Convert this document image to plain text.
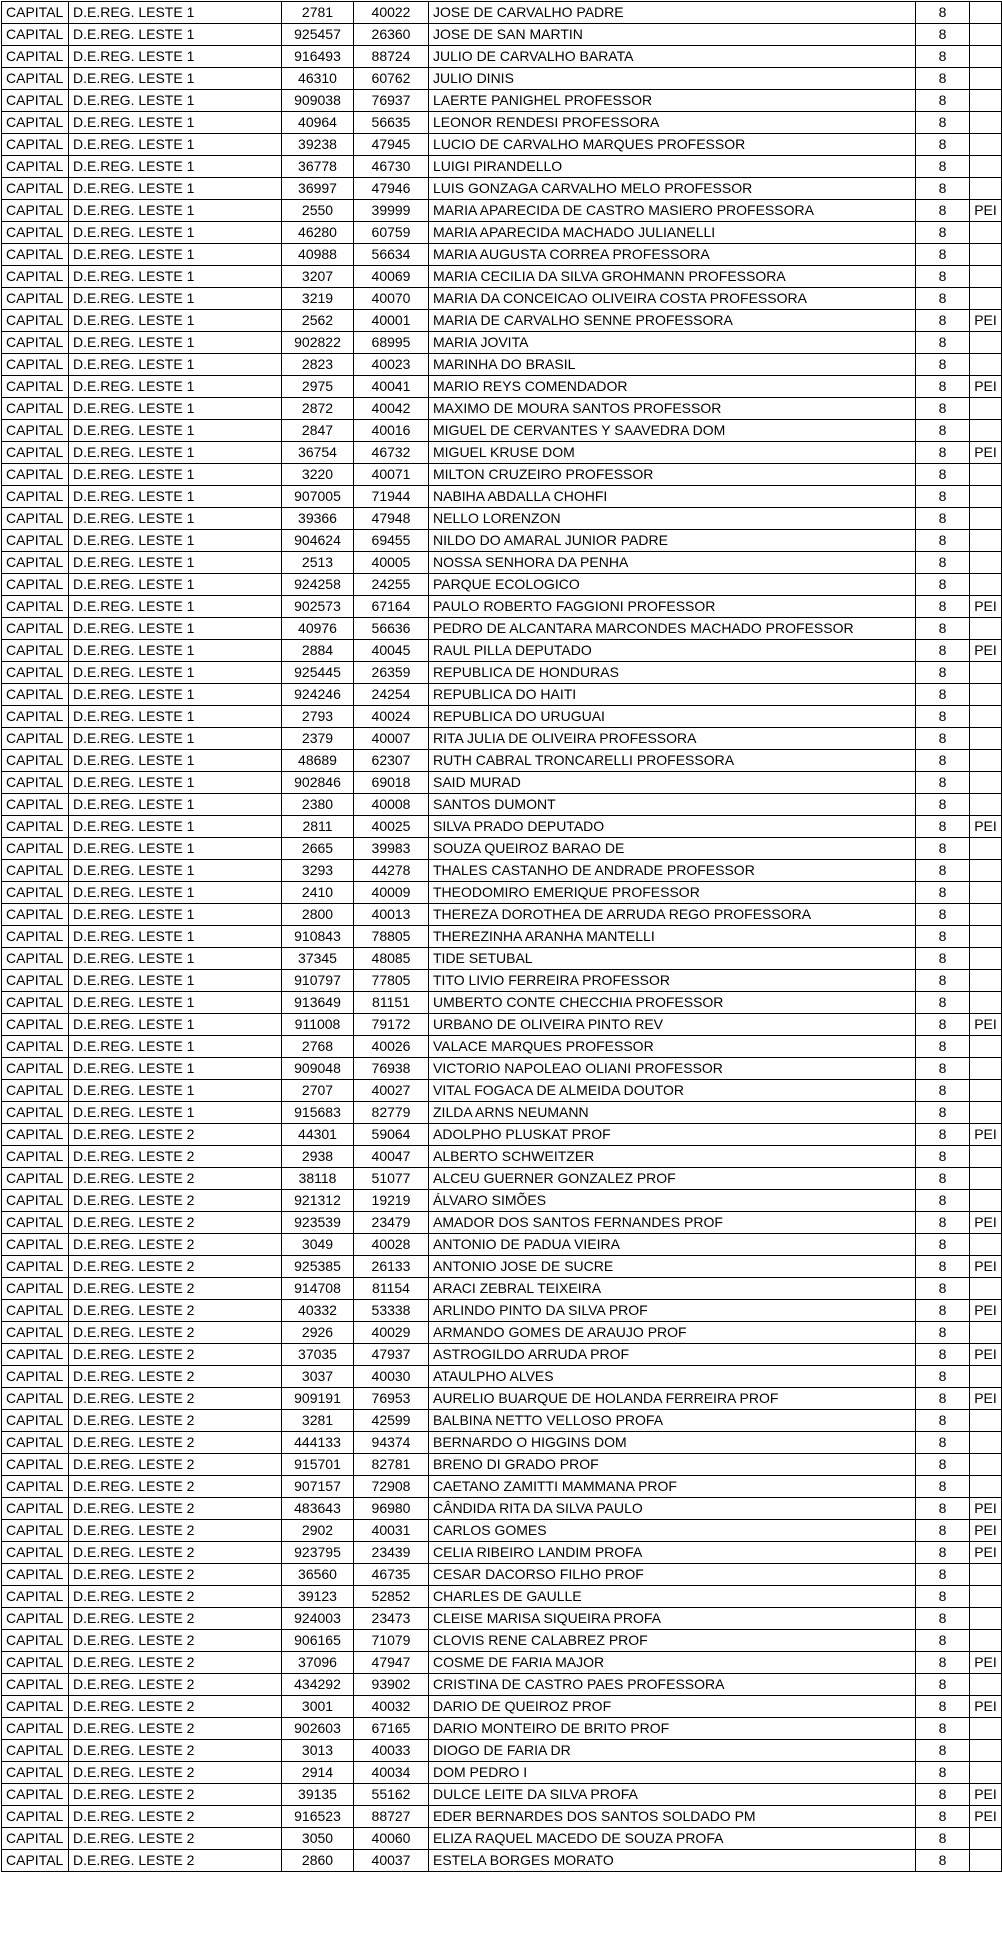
CAPITAL	D.E.REG. LESTE 1	2781	40022	JOSE DE CARVALHO PADRE	8	
CAPITAL	D.E.REG. LESTE 1	925457	26360	JOSE DE SAN MARTIN	8	
CAPITAL	D.E.REG. LESTE 1	916493	88724	JULIO DE CARVALHO BARATA	8	
CAPITAL	D.E.REG. LESTE 1	46310	60762	JULIO DINIS	8	
CAPITAL	D.E.REG. LESTE 1	909038	76937	LAERTE PANIGHEL PROFESSOR	8	
CAPITAL	D.E.REG. LESTE 1	40964	56635	LEONOR RENDESI PROFESSORA	8	
CAPITAL	D.E.REG. LESTE 1	39238	47945	LUCIO DE CARVALHO MARQUES PROFESSOR	8	
CAPITAL	D.E.REG. LESTE 1	36778	46730	LUIGI PIRANDELLO	8	
CAPITAL	D.E.REG. LESTE 1	36997	47946	LUIS GONZAGA CARVALHO MELO PROFESSOR	8	
CAPITAL	D.E.REG. LESTE 1	2550	39999	MARIA APARECIDA DE CASTRO MASIERO PROFESSORA	8	PEI
CAPITAL	D.E.REG. LESTE 1	46280	60759	MARIA APARECIDA MACHADO JULIANELLI	8	
CAPITAL	D.E.REG. LESTE 1	40988	56634	MARIA AUGUSTA CORREA PROFESSORA	8	
CAPITAL	D.E.REG. LESTE 1	3207	40069	MARIA CECILIA DA SILVA GROHMANN PROFESSORA	8	
CAPITAL	D.E.REG. LESTE 1	3219	40070	MARIA DA CONCEICAO OLIVEIRA COSTA PROFESSORA	8	
CAPITAL	D.E.REG. LESTE 1	2562	40001	MARIA DE CARVALHO SENNE PROFESSORA	8	PEI
CAPITAL	D.E.REG. LESTE 1	902822	68995	MARIA JOVITA	8	
CAPITAL	D.E.REG. LESTE 1	2823	40023	MARINHA DO BRASIL	8	
CAPITAL	D.E.REG. LESTE 1	2975	40041	MARIO REYS COMENDADOR	8	PEI
CAPITAL	D.E.REG. LESTE 1	2872	40042	MAXIMO DE MOURA SANTOS PROFESSOR	8	
CAPITAL	D.E.REG. LESTE 1	2847	40016	MIGUEL DE CERVANTES Y SAAVEDRA DOM	8	
CAPITAL	D.E.REG. LESTE 1	36754	46732	MIGUEL KRUSE DOM	8	PEI
CAPITAL	D.E.REG. LESTE 1	3220	40071	MILTON CRUZEIRO PROFESSOR	8	
CAPITAL	D.E.REG. LESTE 1	907005	71944	NABIHA ABDALLA CHOHFI	8	
CAPITAL	D.E.REG. LESTE 1	39366	47948	NELLO LORENZON	8	
CAPITAL	D.E.REG. LESTE 1	904624	69455	NILDO DO AMARAL JUNIOR PADRE	8	
CAPITAL	D.E.REG. LESTE 1	2513	40005	NOSSA SENHORA DA PENHA	8	
CAPITAL	D.E.REG. LESTE 1	924258	24255	PARQUE ECOLOGICO	8	
CAPITAL	D.E.REG. LESTE 1	902573	67164	PAULO ROBERTO FAGGIONI PROFESSOR	8	PEI
CAPITAL	D.E.REG. LESTE 1	40976	56636	PEDRO DE ALCANTARA MARCONDES MACHADO PROFESSOR	8	
CAPITAL	D.E.REG. LESTE 1	2884	40045	RAUL PILLA DEPUTADO	8	PEI
CAPITAL	D.E.REG. LESTE 1	925445	26359	REPUBLICA DE HONDURAS	8	
CAPITAL	D.E.REG. LESTE 1	924246	24254	REPUBLICA DO HAITI	8	
CAPITAL	D.E.REG. LESTE 1	2793	40024	REPUBLICA DO URUGUAI	8	
CAPITAL	D.E.REG. LESTE 1	2379	40007	RITA JULIA DE OLIVEIRA PROFESSORA	8	
CAPITAL	D.E.REG. LESTE 1	48689	62307	RUTH CABRAL TRONCARELLI PROFESSORA	8	
CAPITAL	D.E.REG. LESTE 1	902846	69018	SAID MURAD	8	
CAPITAL	D.E.REG. LESTE 1	2380	40008	SANTOS DUMONT	8	
CAPITAL	D.E.REG. LESTE 1	2811	40025	SILVA PRADO DEPUTADO	8	PEI
CAPITAL	D.E.REG. LESTE 1	2665	39983	SOUZA QUEIROZ BARAO DE	8	
CAPITAL	D.E.REG. LESTE 1	3293	44278	THALES CASTANHO DE ANDRADE PROFESSOR	8	
CAPITAL	D.E.REG. LESTE 1	2410	40009	THEODOMIRO EMERIQUE PROFESSOR	8	
CAPITAL	D.E.REG. LESTE 1	2800	40013	THEREZA DOROTHEA DE ARRUDA REGO PROFESSORA	8	
CAPITAL	D.E.REG. LESTE 1	910843	78805	THEREZINHA ARANHA MANTELLI	8	
CAPITAL	D.E.REG. LESTE 1	37345	48085	TIDE SETUBAL	8	
CAPITAL	D.E.REG. LESTE 1	910797	77805	TITO LIVIO FERREIRA PROFESSOR	8	
CAPITAL	D.E.REG. LESTE 1	913649	81151	UMBERTO CONTE CHECCHIA PROFESSOR	8	
CAPITAL	D.E.REG. LESTE 1	911008	79172	URBANO DE OLIVEIRA PINTO REV	8	PEI
CAPITAL	D.E.REG. LESTE 1	2768	40026	VALACE MARQUES PROFESSOR	8	
CAPITAL	D.E.REG. LESTE 1	909048	76938	VICTORIO NAPOLEAO OLIANI PROFESSOR	8	
CAPITAL	D.E.REG. LESTE 1	2707	40027	VITAL FOGACA DE ALMEIDA DOUTOR	8	
CAPITAL	D.E.REG. LESTE 1	915683	82779	ZILDA ARNS NEUMANN	8	
CAPITAL	D.E.REG. LESTE 2	44301	59064	ADOLPHO PLUSKAT PROF	8	PEI
CAPITAL	D.E.REG. LESTE 2	2938	40047	ALBERTO SCHWEITZER	8	
CAPITAL	D.E.REG. LESTE 2	38118	51077	ALCEU GUERNER GONZALEZ PROF	8	
CAPITAL	D.E.REG. LESTE 2	921312	19219	ÁLVARO SIMÕES	8	
CAPITAL	D.E.REG. LESTE 2	923539	23479	AMADOR DOS SANTOS FERNANDES PROF	8	PEI
CAPITAL	D.E.REG. LESTE 2	3049	40028	ANTONIO DE PADUA VIEIRA	8	
CAPITAL	D.E.REG. LESTE 2	925385	26133	ANTONIO JOSE DE SUCRE	8	PEI
CAPITAL	D.E.REG. LESTE 2	914708	81154	ARACI ZEBRAL TEIXEIRA	8	
CAPITAL	D.E.REG. LESTE 2	40332	53338	ARLINDO PINTO DA SILVA PROF	8	PEI
CAPITAL	D.E.REG. LESTE 2	2926	40029	ARMANDO GOMES DE ARAUJO PROF	8	
CAPITAL	D.E.REG. LESTE 2	37035	47937	ASTROGILDO ARRUDA PROF	8	PEI
CAPITAL	D.E.REG. LESTE 2	3037	40030	ATAULPHO ALVES	8	
CAPITAL	D.E.REG. LESTE 2	909191	76953	AURELIO BUARQUE DE HOLANDA FERREIRA PROF	8	PEI
CAPITAL	D.E.REG. LESTE 2	3281	42599	BALBINA NETTO VELLOSO PROFA	8	
CAPITAL	D.E.REG. LESTE 2	444133	94374	BERNARDO O HIGGINS DOM	8	
CAPITAL	D.E.REG. LESTE 2	915701	82781	BRENO DI GRADO PROF	8	
CAPITAL	D.E.REG. LESTE 2	907157	72908	CAETANO ZAMITTI MAMMANA PROF	8	
CAPITAL	D.E.REG. LESTE 2	483643	96980	CÂNDIDA RITA DA SILVA PAULO	8	PEI
CAPITAL	D.E.REG. LESTE 2	2902	40031	CARLOS GOMES	8	PEI
CAPITAL	D.E.REG. LESTE 2	923795	23439	CELIA RIBEIRO LANDIM PROFA	8	PEI
CAPITAL	D.E.REG. LESTE 2	36560	46735	CESAR DACORSO FILHO PROF	8	
CAPITAL	D.E.REG. LESTE 2	39123	52852	CHARLES DE GAULLE	8	
CAPITAL	D.E.REG. LESTE 2	924003	23473	CLEISE MARISA SIQUEIRA PROFA	8	
CAPITAL	D.E.REG. LESTE 2	906165	71079	CLOVIS RENE CALABREZ PROF	8	
CAPITAL	D.E.REG. LESTE 2	37096	47947	COSME DE FARIA MAJOR	8	PEI
CAPITAL	D.E.REG. LESTE 2	434292	93902	CRISTINA DE CASTRO PAES PROFESSORA	8	
CAPITAL	D.E.REG. LESTE 2	3001	40032	DARIO DE QUEIROZ PROF	8	PEI
CAPITAL	D.E.REG. LESTE 2	902603	67165	DARIO MONTEIRO DE BRITO PROF	8	
CAPITAL	D.E.REG. LESTE 2	3013	40033	DIOGO DE FARIA DR	8	
CAPITAL	D.E.REG. LESTE 2	2914	40034	DOM PEDRO I	8	
CAPITAL	D.E.REG. LESTE 2	39135	55162	DULCE LEITE DA SILVA PROFA	8	PEI
CAPITAL	D.E.REG. LESTE 2	916523	88727	EDER BERNARDES DOS SANTOS SOLDADO PM	8	PEI
CAPITAL	D.E.REG. LESTE 2	3050	40060	ELIZA RAQUEL MACEDO DE SOUZA PROFA	8	
CAPITAL	D.E.REG. LESTE 2	2860	40037	ESTELA BORGES MORATO	8	
